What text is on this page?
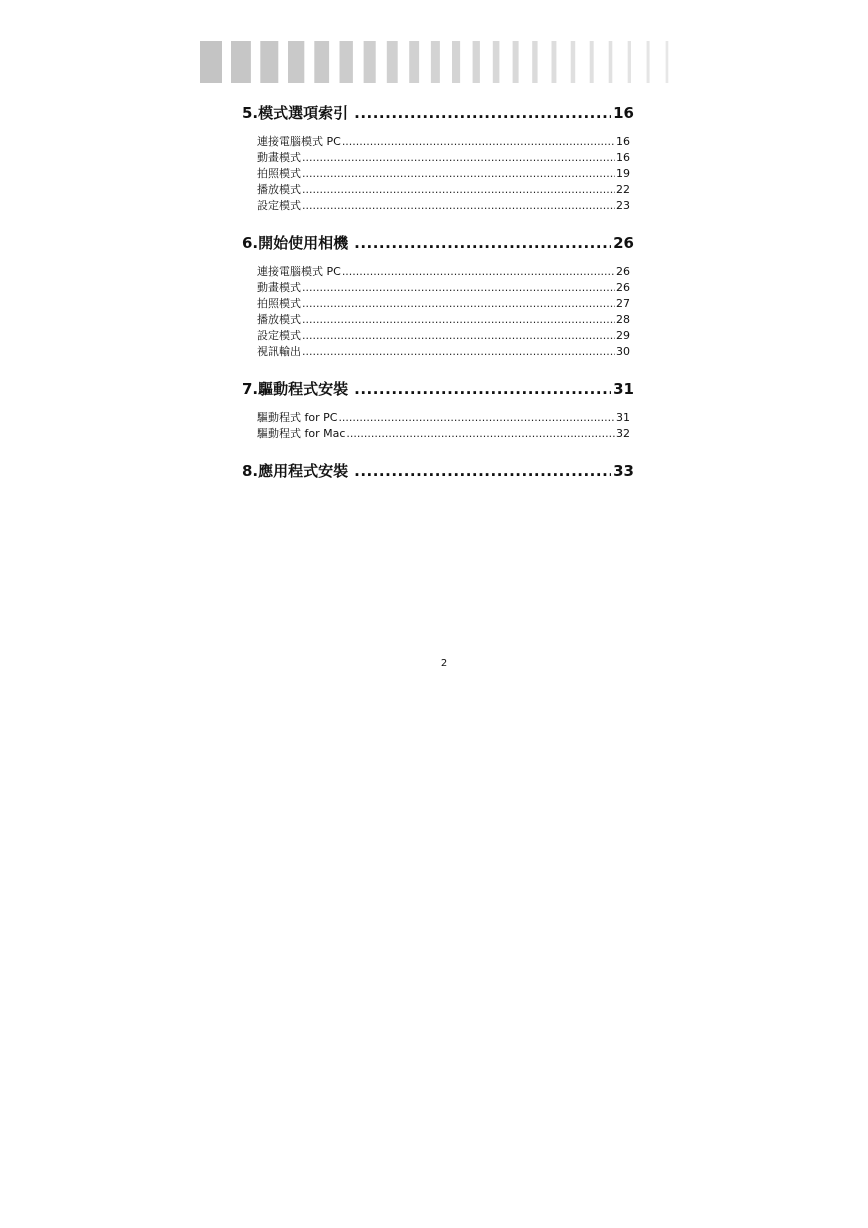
5.模式選項索引 .....	16
連接電腦模式 PC .....	16
動畫模式 .....	16
拍照模式 .....	19
播放模式 .....	22
設定模式 .....	23
6.開始使用相機 .....	26
連接電腦模式 PC .....	26
動畫模式 .....	26
拍照模式 .....	27
播放模式 .....	28
設定模式 .....	29
視訊輸出 .....	30
7.驅動程式安裝 .....	31
驅動程式 for PC .....	31
驅動程式 for Mac .....	32
8.應用程式安裝 .....	33
2
